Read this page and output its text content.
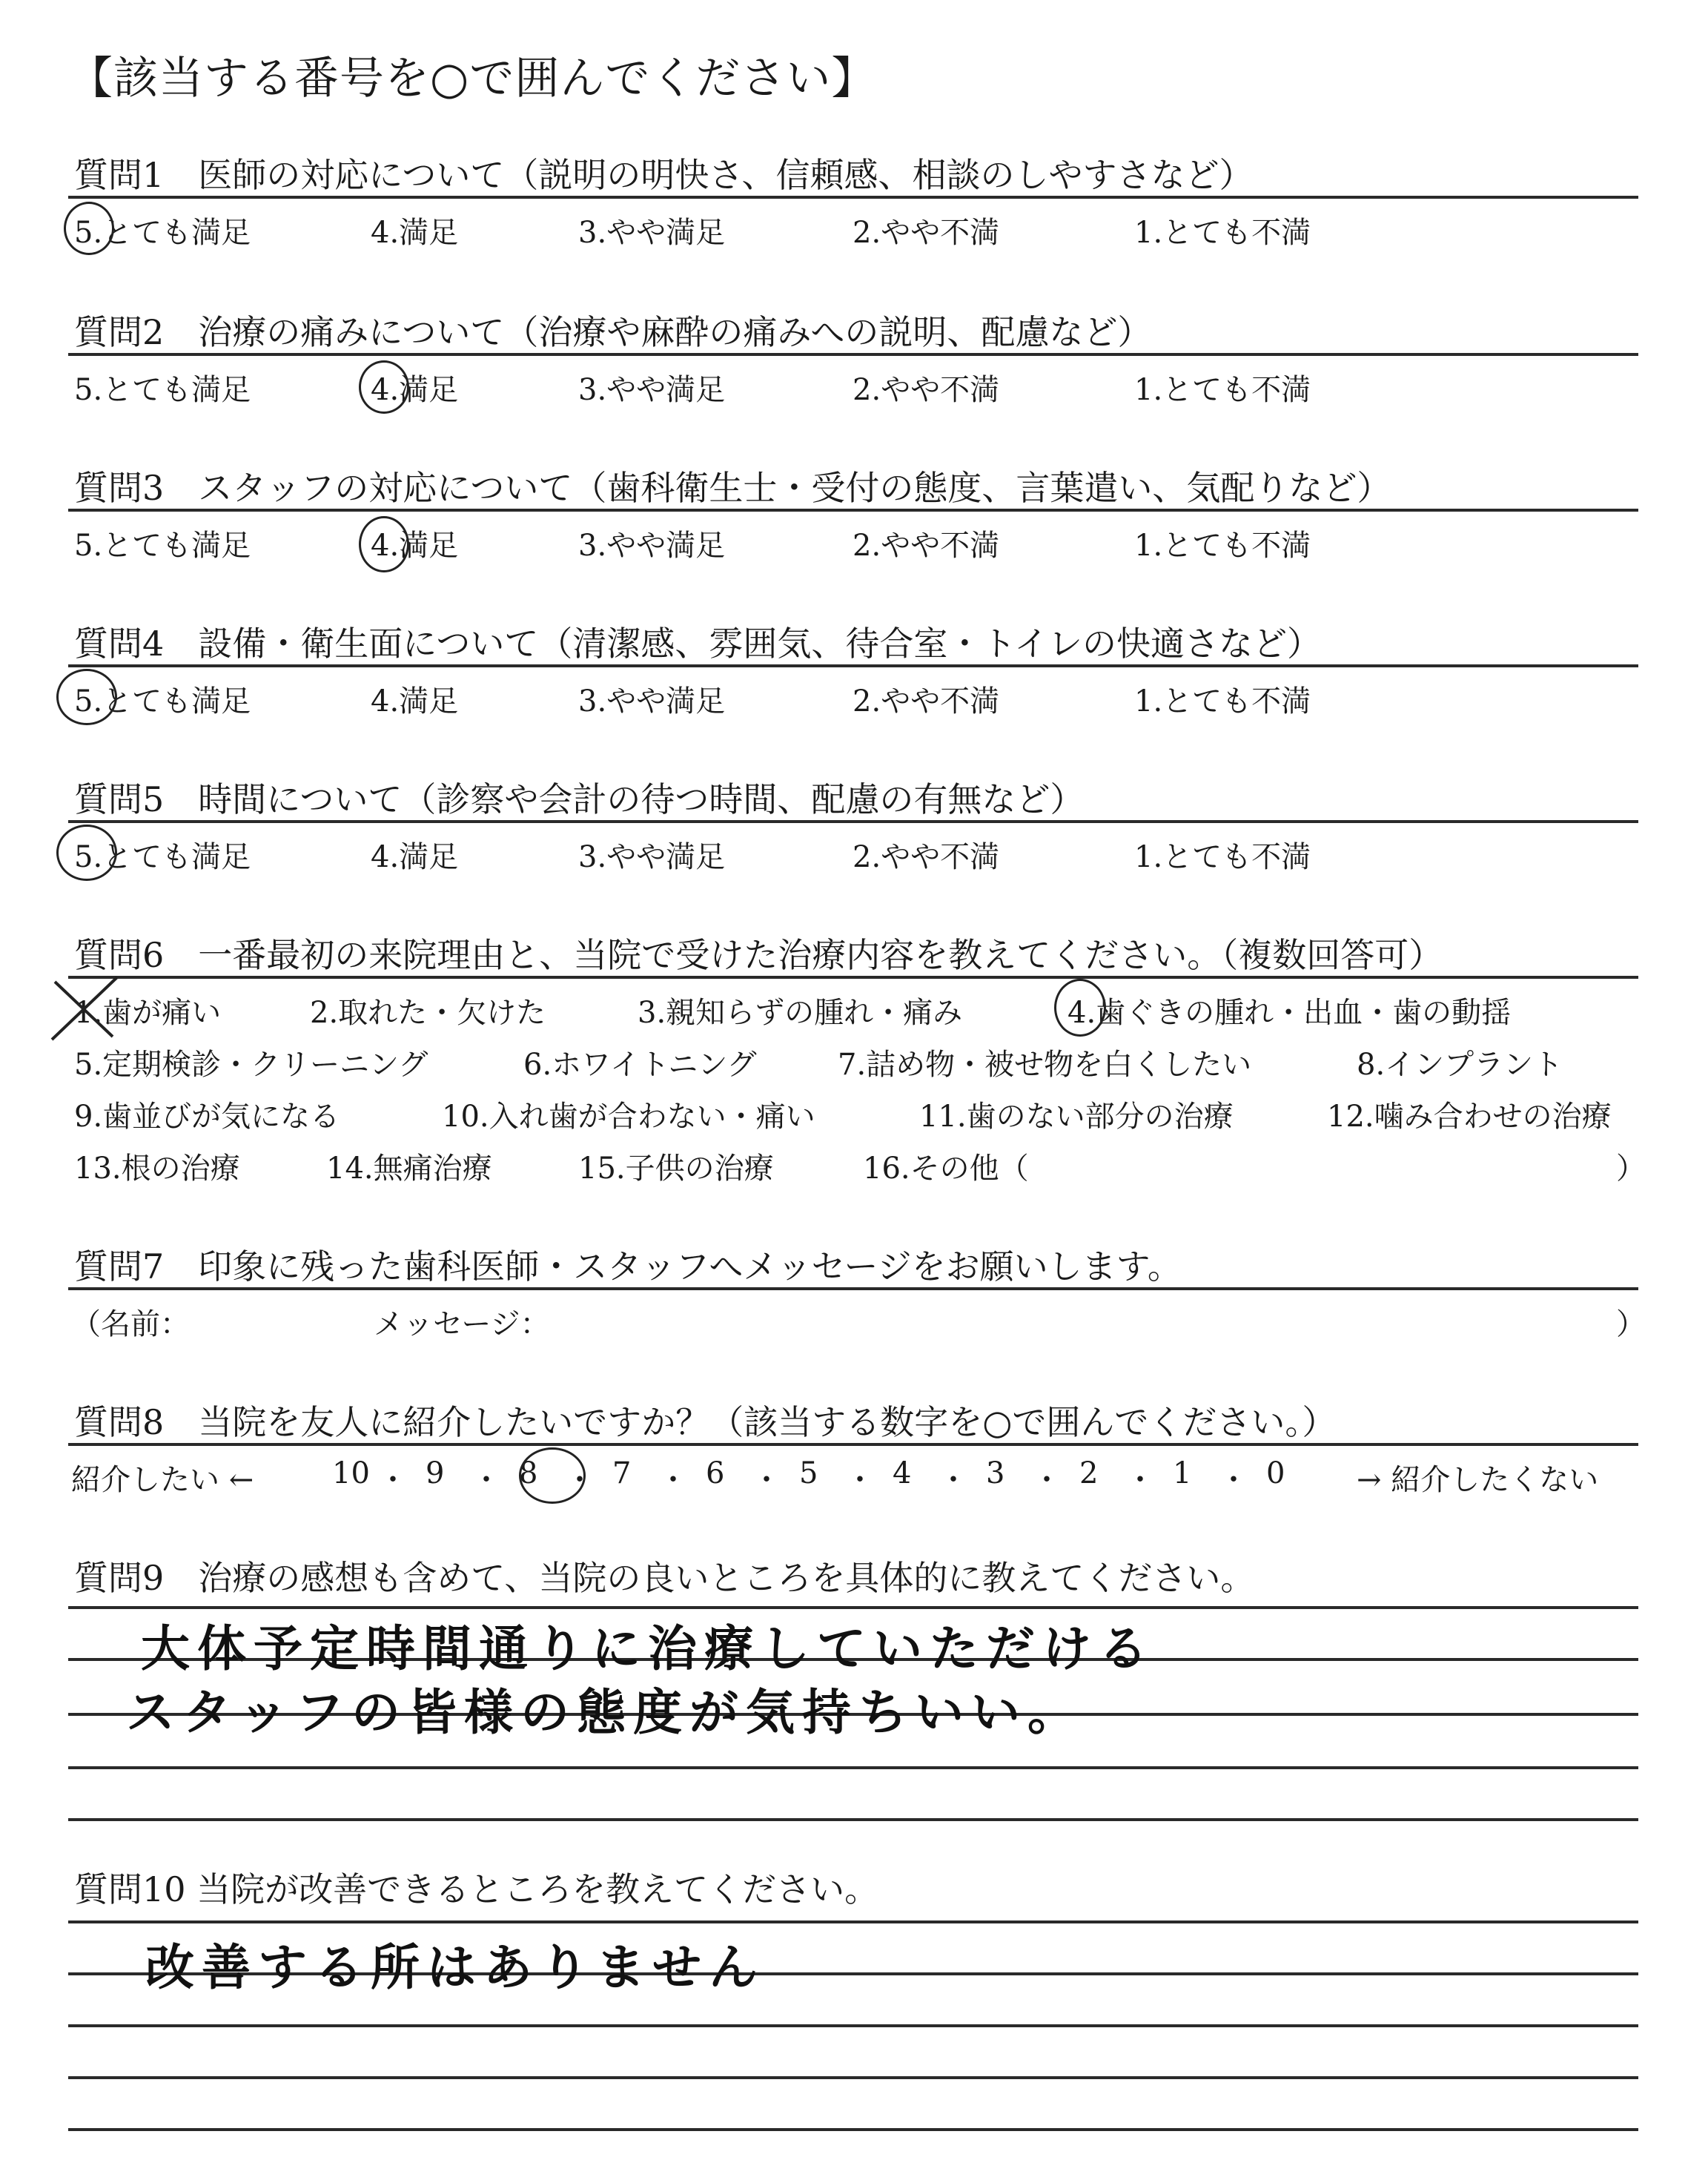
【該当する番号を○で囲んでください】
質問1　医師の対応について（説明の明快さ、信頼感、相談のしやすさなど）
5.とても満足	4.満足	3.やや満足	2.やや不満	1.とても不満
質問2　治療の痛みについて（治療や麻酔の痛みへの説明、配慮など）
5.とても満足	4.満足	3.やや満足	2.やや不満	1.とても不満
質問3　スタッフの対応について（歯科衛生士・受付の態度、言葉遣い、気配りなど）
5.とても満足	4.満足	3.やや満足	2.やや不満	1.とても不満
質問4　設備・衛生面について（清潔感、雰囲気、待合室・トイレの快適さなど）
5.とても満足	4.満足	3.やや満足	2.やや不満	1.とても不満
質問5　時間について（診察や会計の待つ時間、配慮の有無など）
5.とても満足	4.満足	3.やや満足	2.やや不満	1.とても不満
質問6　一番最初の来院理由と、当院で受けた治療内容を教えてください。（複数回答可）
1.歯が痛い	2.取れた・欠けた	3.親知らずの腫れ・痛み	4.歯ぐきの腫れ・出血・歯の動揺
5.定期検診・クリーニング	6.ホワイトニング	7.詰め物・被せ物を白くしたい	8.インプラント
9.歯並びが気になる	10.入れ歯が合わない・痛い	11.歯のない部分の治療	12.噛み合わせの治療
13.根の治療	14.無痛治療	15.子供の治療	16.その他（	）
質問7　印象に残った歯科医師・スタッフへメッセージをお願いします。
（名前：	メッセージ：	）
質問8　当院を友人に紹介したいですか？（該当する数字を○で囲んでください。）
紹介したい ←	10 ・ 9 ・ 8 ・ 7 ・ 6 ・ 5 ・ 4 ・ 3 ・ 2 ・ 1 ・ 0 → 紹介したくない
質問9　治療の感想も含めて、当院の良いところを具体的に教えてください。
大体予定時間通りに治療していただける
スタッフの皆様の態度が気持ちいい。
質問10 当院が改善できるところを教えてください。
改善する所はありません
